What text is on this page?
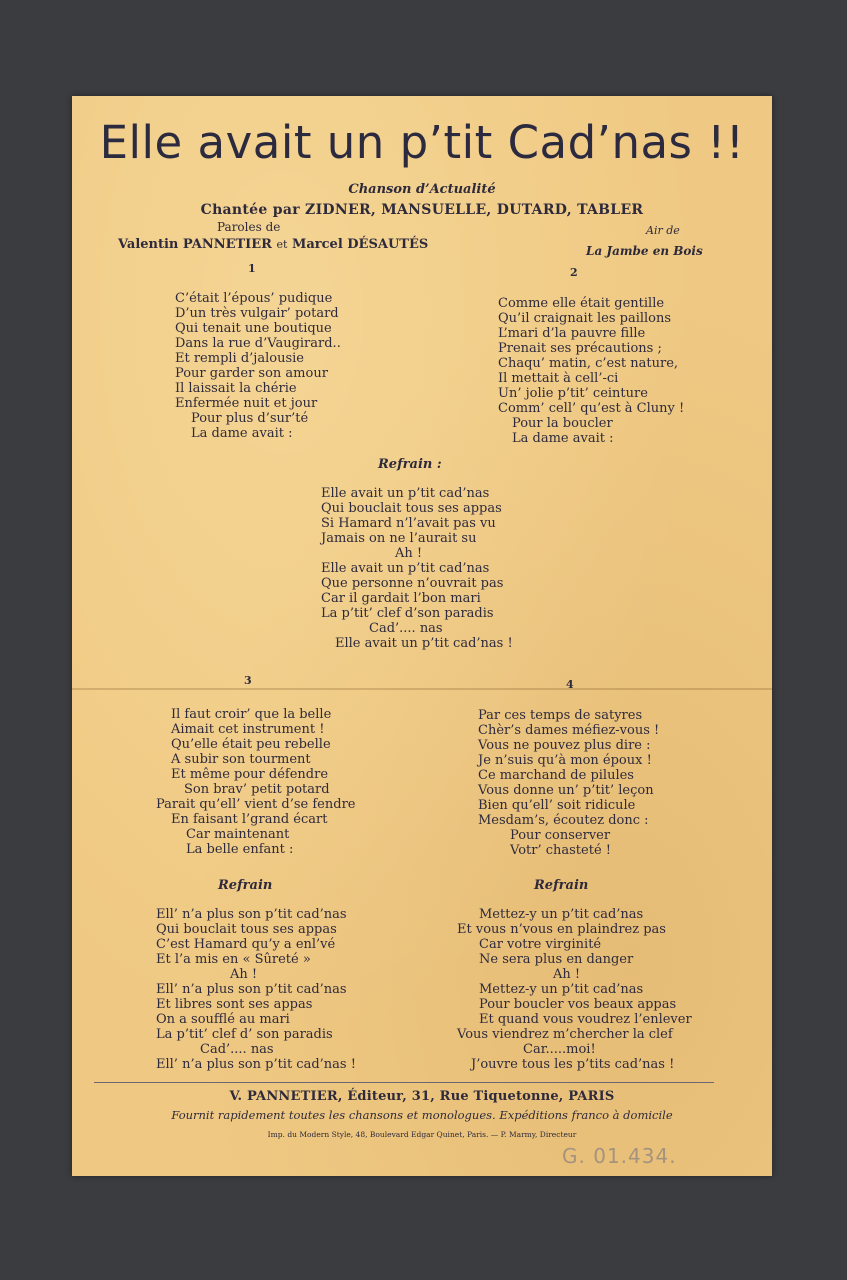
Elle avait un p’tit Cad’nas !!
Chanson d’Actualité
Chantée par ZIDNER, MANSUELLE, DUTARD, TABLER
Paroles de
Valentin PANNETIER et Marcel DÉSAUTÉS
Air de
La Jambe en Bois
1
C’était l’épous’ pudique
D’un très vulgair’ potard
Qui tenait une boutique
Dans la rue d’Vaugirard..
Et rempli d’jalousie
Pour garder son amour
Il laissait la chérie
Enfermée nuit et jour
Pour plus d’sur’té
La dame avait :
2
Comme elle était gentille
Qu’il craignait les paillons
L’mari d’la pauvre fille
Prenait ses précautions ;
Chaqu’ matin, c’est nature,
Il mettait à cell’-ci
Un’ jolie p’tit’ ceinture
Comm’ cell’ qu’est à Cluny !
Pour la boucler
La dame avait :
Refrain :
Elle avait un p’tit cad’nas
Qui bouclait tous ses appas
Si Hamard n’l’avait pas vu
Jamais on ne l’aurait su
Ah !
Elle avait un p’tit cad’nas
Que personne n’ouvrait pas
Car il gardait l’bon mari
La p’tit’ clef d’son paradis
Cad’.... nas
Elle avait un p’tit cad’nas !
3
Il faut croir’ que la belle
Aimait cet instrument !
Qu’elle était peu rebelle
A subir son tourment
Et même pour défendre
Son brav’ petit potard
Parait qu’ell’ vient d’se fendre
En faisant l’grand écart
Car maintenant
La belle enfant :
4
Par ces temps de satyres
Chèr’s dames méfiez-vous !
Vous ne pouvez plus dire :
Je n’suis qu’à mon époux !
Ce marchand de pilules
Vous donne un’ p’tit’ leçon
Bien qu’ell’ soit ridicule
Mesdam’s, écoutez donc :
Pour conserver
Votr’ chasteté !
Refrain
Ell’ n’a plus son p’tit cad’nas
Qui bouclait tous ses appas
C’est Hamard qu’y a enl’vé
Et l’a mis en « Sûreté »
Ah !
Ell’ n’a plus son p’tit cad’nas
Et libres sont ses appas
On a soufflé au mari
La p’tit’ clef d’ son paradis
Cad’.... nas
Ell’ n’a plus son p’tit cad’nas !
Refrain
Mettez-y un p’tit cad’nas
Et vous n’vous en plaindrez pas
Car votre virginité
Ne sera plus en danger
Ah !
Mettez-y un p’tit cad’nas
Pour boucler vos beaux appas
Et quand vous voudrez l’enlever
Vous viendrez m’chercher la clef
Car.....moi!
J’ouvre tous les p’tits cad’nas !
V. PANNETIER, Éditeur, 31, Rue Tiquetonne, PARIS
Fournit rapidement toutes les chansons et monologues. Expéditions franco à domicile
Imp. du Modern Style, 48, Boulevard Edgar Quinet, Paris. — P. Marmy, Directeur
G. 01.434.
